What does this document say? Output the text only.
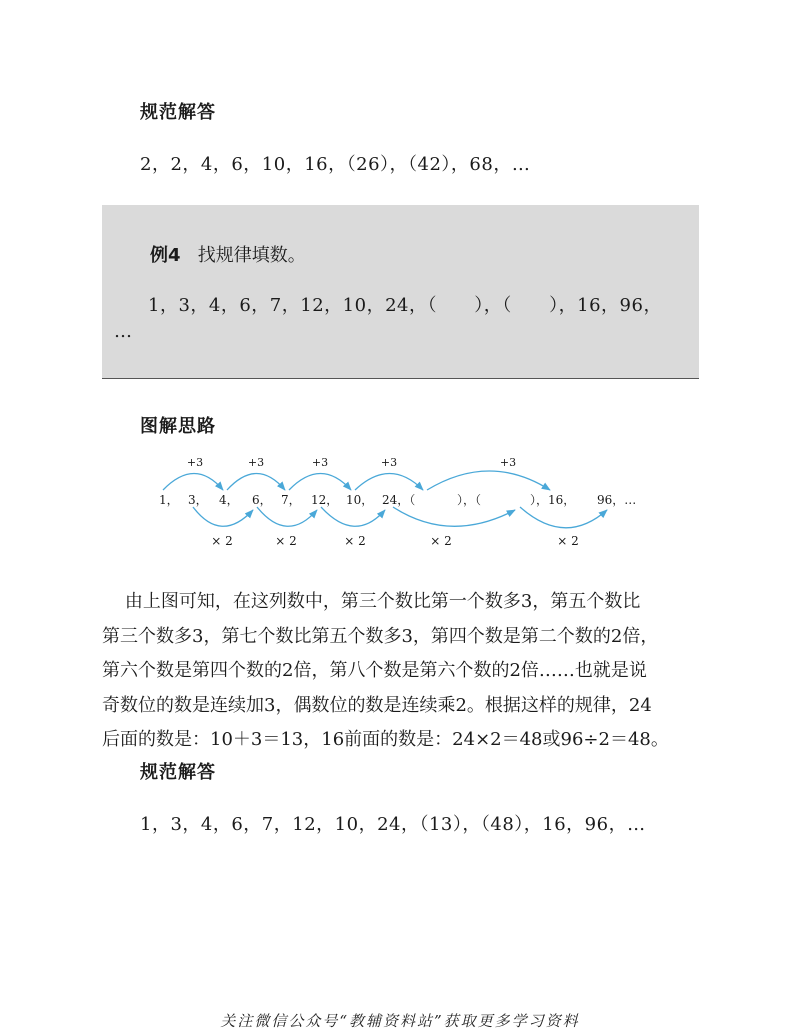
规范解答
2，2，4，6，10，16，（26），（42），68，…
例4 找规律填数。
1，3，4，6，7，12，10，24，（      ），（      ），16，96，
…
图解思路
+3	+3	+3	+3	+3
1， 3， 4， 6， 7， 12， 10， 24，（	），（	），16， 96，…
× 2	× 2	× 2	× 2	× 2

由上图可知，在这列数中，第三个数比第一个数多3，第五个数比

第三个数多3，第七个数比第五个数多3，第四个数是第二个数的2倍，

第六个数是第四个数的2倍，第八个数是第六个数的2倍……也就是说

奇数位的数是连续加3，偶数位的数是连续乘2。根据这样的规律，24

后面的数是：10＋3＝13，16前面的数是：24×2＝48或96÷2＝48。

规范解答
1，3，4，6，7，12，10，24，（13），（48），16，96，…
关注微信公众号“教辅资料站”获取更多学习资料
